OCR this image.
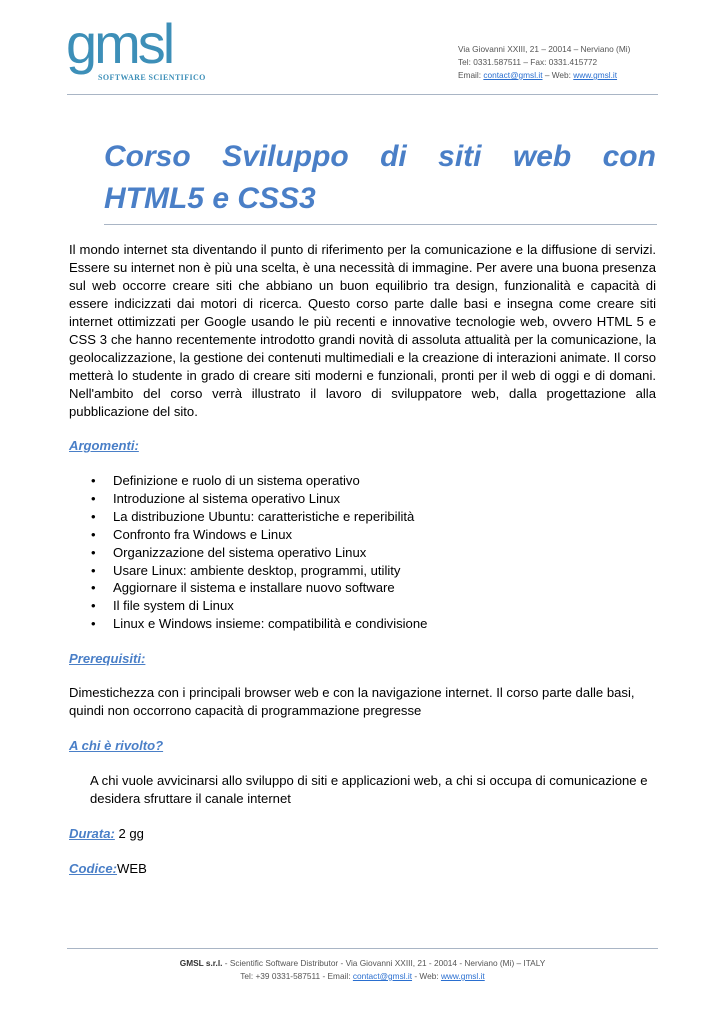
gmsl
SOFTWARE SCIENTIFICO
Via Giovanni XXIII, 21 – 20014 – Nerviano (Mi)
Tel: 0331.587511 – Fax: 0331.415772
Email: contact@gmsl.it – Web: www.gmsl.it
Corso Sviluppo di siti web con
HTML5 e CSS3
Il mondo internet sta diventando il punto di riferimento per la comunicazione e la diffusione di servizi. Essere su internet non è più una scelta, è una necessità di immagine. Per avere una buona presenza sul web occorre creare siti che abbiano un buon equilibrio tra design, funzionalità e capacità di essere indicizzati dai motori di ricerca. Questo corso parte dalle basi e insegna come creare siti internet ottimizzati per Google usando le più recenti e innovative tecnologie web, ovvero HTML 5 e CSS 3 che hanno recentemente introdotto grandi novità di assoluta attualità per la comunicazione, la geolocalizzazione, la gestione dei contenuti multimediali e la creazione di interazioni animate. Il corso metterà lo studente in grado di creare siti moderni e funzionali, pronti per il web di oggi e di domani. Nell'ambito del corso verrà illustrato il lavoro di sviluppatore web, dalla progettazione alla pubblicazione del sito.
Argomenti:
• Definizione e ruolo di un sistema operativo
• Introduzione al sistema operativo Linux
• La distribuzione Ubuntu: caratteristiche e reperibilità
• Confronto fra Windows e Linux
• Organizzazione del sistema operativo Linux
• Usare Linux: ambiente desktop, programmi, utility
• Aggiornare il sistema e installare nuovo software
• Il file system di Linux
• Linux e Windows insieme: compatibilità e condivisione
Prerequisiti:
Dimestichezza con i principali browser web e con la navigazione internet. Il corso parte dalle basi, quindi non occorrono capacità di programmazione pregresse
A chi è rivolto?
A chi vuole avvicinarsi allo sviluppo di siti e applicazioni web, a chi si occupa di comunicazione e desidera sfruttare il canale internet
Durata: 2 gg
Codice:WEB
GMSL s.r.l. - Scientific Software Distributor - Via Giovanni XXIII, 21 - 20014 - Nerviano (Mi) – ITALY
Tel: +39 0331-587511 - Email: contact@gmsl.it - Web: www.gmsl.it
